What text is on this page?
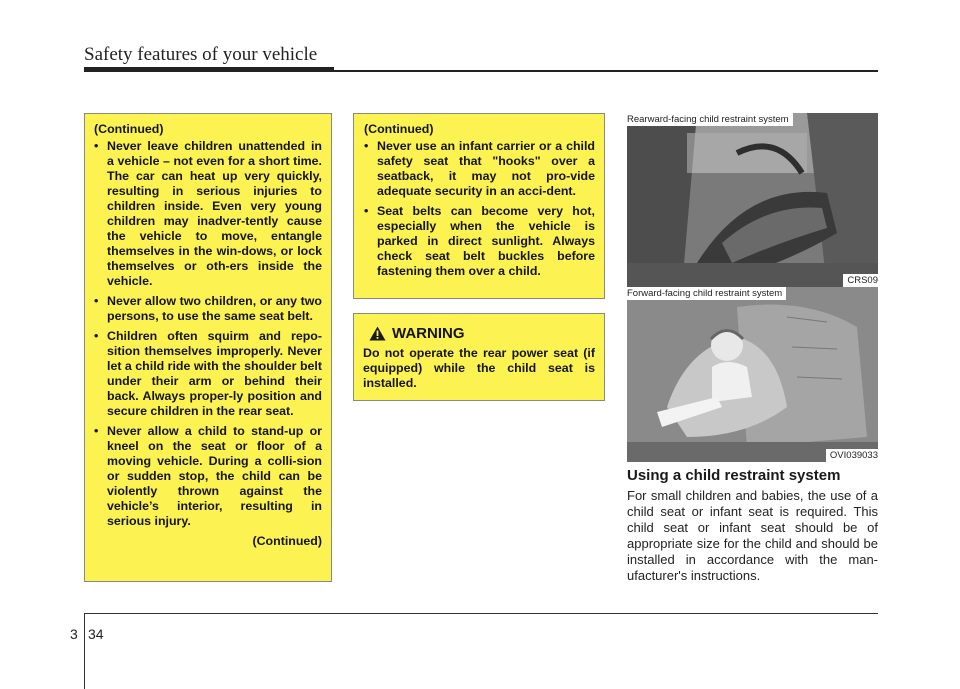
Safety features of your vehicle
(Continued)
• Never leave children unattended in a vehicle – not even for a short time. The car can heat up very quickly, resulting in serious injuries to children inside. Even very young children may inadver-tently cause the vehicle to move, entangle themselves in the win-dows, or lock themselves or oth-ers inside the vehicle.
• Never allow two children, or any two persons, to use the same seat belt.
• Children often squirm and repo-sition themselves improperly. Never let a child ride with the shoulder belt under their arm or behind their back. Always proper-ly position and secure children in the rear seat.
• Never allow a child to stand-up or kneel on the seat or floor of a moving vehicle. During a colli-sion or sudden stop, the child can be violently thrown against the vehicle’s interior, resulting in serious injury.
(Continued)
(Continued)
• Never use an infant carrier or a child safety seat that "hooks" over a seatback, it may not pro-vide adequate security in an acci-dent.
• Seat belts can become very hot, especially when the vehicle is parked in direct sunlight. Always check seat belt buckles before fastening them over a child.
WARNING
Do not operate the rear power seat (if equipped) while the child seat is installed.
Rearward-facing child restraint system
CRS09
Forward-facing child restraint system
OVI039033
Using a child restraint system
For small children and babies, the use of a child seat or infant seat is required. This child seat or infant seat should be of appropriate size for the child and should be installed in accordance with the man-ufacturer's instructions.
3 34
